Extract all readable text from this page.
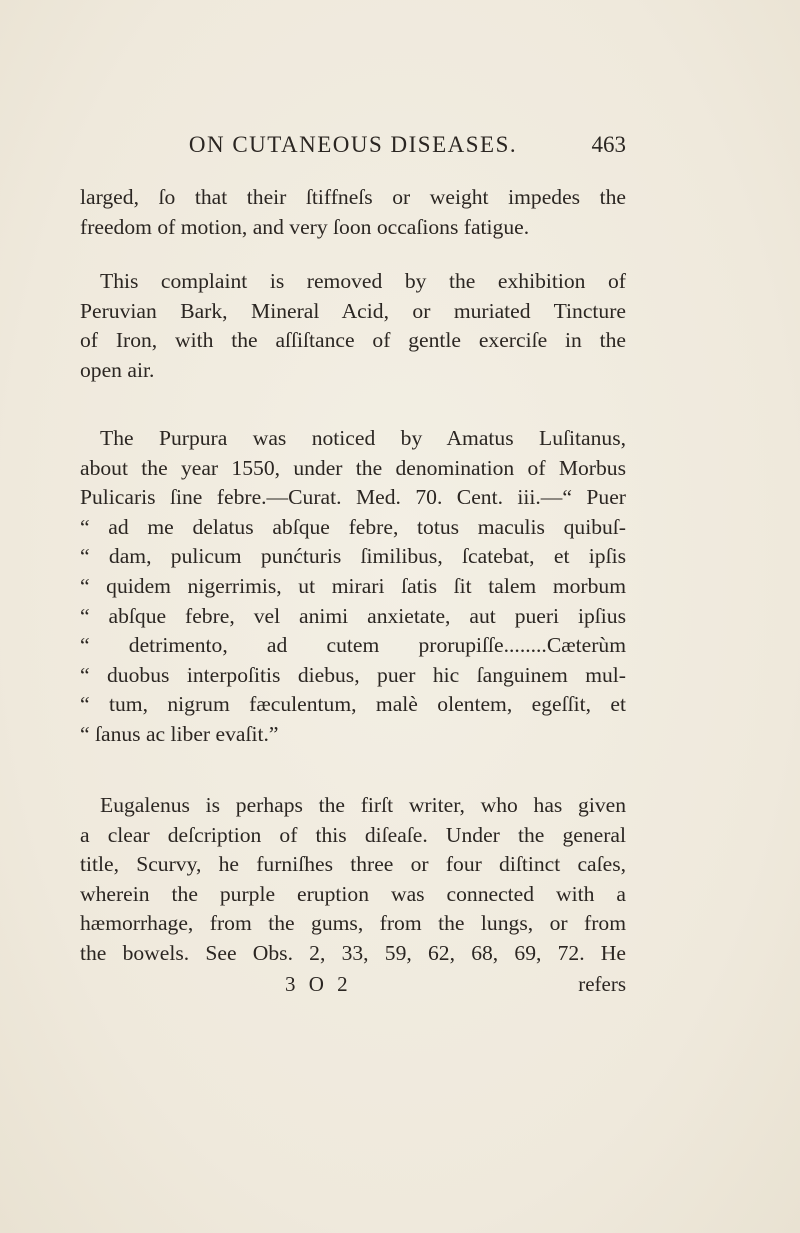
ON CUTANEOUS DISEASES.	463
larged, ſo that their ſtiffneſs or weight impedes the
freedom of motion, and very ſoon occaſions fatigue.
This complaint is removed by the exhibition of
Peruvian Bark, Mineral Acid, or muriated Tincture
of Iron, with the aſſiſtance of gentle exerciſe in the
open air.
The Purpura was noticed by Amatus Luſitanus,
about the year 1550, under the denomination of Morbus
Pulicaris ſine febre.—Curat. Med. 70. Cent. iii.—“ Puer
“ ad me delatus abſque febre, totus maculis quibuſ-
“ dam, pulicum punćturis ſimilibus, ſcatebat, et ipſis
“ quidem nigerrimis, ut mirari ſatis ſit talem morbum
“ abſque febre, vel animi anxietate, aut pueri ipſius
“ detrimento, ad cutem prorupiſſe........Cæterùm
“ duobus interpoſitis diebus, puer hic ſanguinem mul-
“ tum, nigrum fæculentum, malè olentem, egeſſit, et
“ ſanus ac liber evaſit.”
Eugalenus is perhaps the firſt writer, who has given
a clear deſcription of this diſeaſe. Under the general
title, Scurvy, he furniſhes three or four diſtinct caſes,
wherein the purple eruption was connected with a
hæmorrhage, from the gums, from the lungs, or from
the bowels. See Obs. 2, 33, 59, 62, 68, 69, 72. He
3 O 2	refers
